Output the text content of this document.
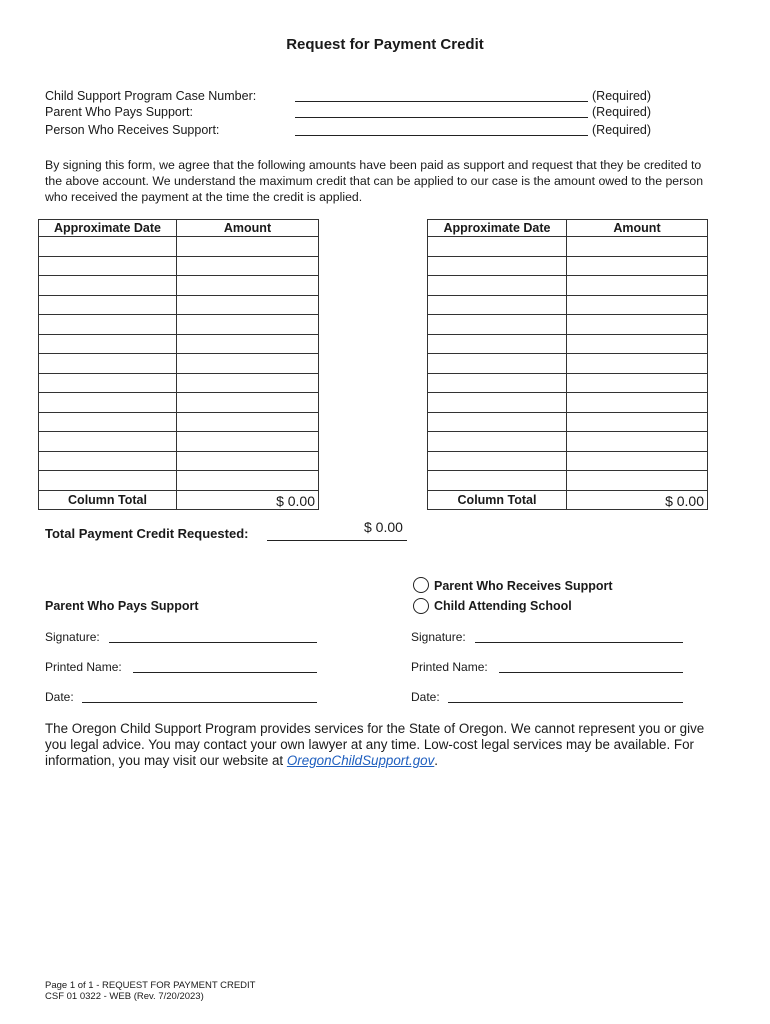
Request for Payment Credit
Child Support Program Case Number:	(Required)
Parent Who Pays Support:	(Required)
Person Who Receives Support:	(Required)
By signing this form, we agree that the following amounts have been paid as support and request that they be credited to the above account. We understand the maximum credit that can be applied to our case is the amount owed to the person who received the payment at the time the credit is applied.
Approximate Date	Amount

Column Total	$ 0.00
Approximate Date	Amount

Column Total	$ 0.00
Total Payment Credit Requested:	$ 0.00
Parent Who Receives Support
Child Attending School
Parent Who Pays Support
Signature:
Printed Name:
Date:
Signature:
Printed Name:
Date:
The Oregon Child Support Program provides services for the State of Oregon. We cannot represent you or give you legal advice. You may contact your own lawyer at any time. Low-cost legal services may be available. For information, you may visit our website at OregonChildSupport.gov.
Page 1 of 1 - REQUEST FOR PAYMENT CREDIT
CSF 01 0322 - WEB (Rev. 7/20/2023)
